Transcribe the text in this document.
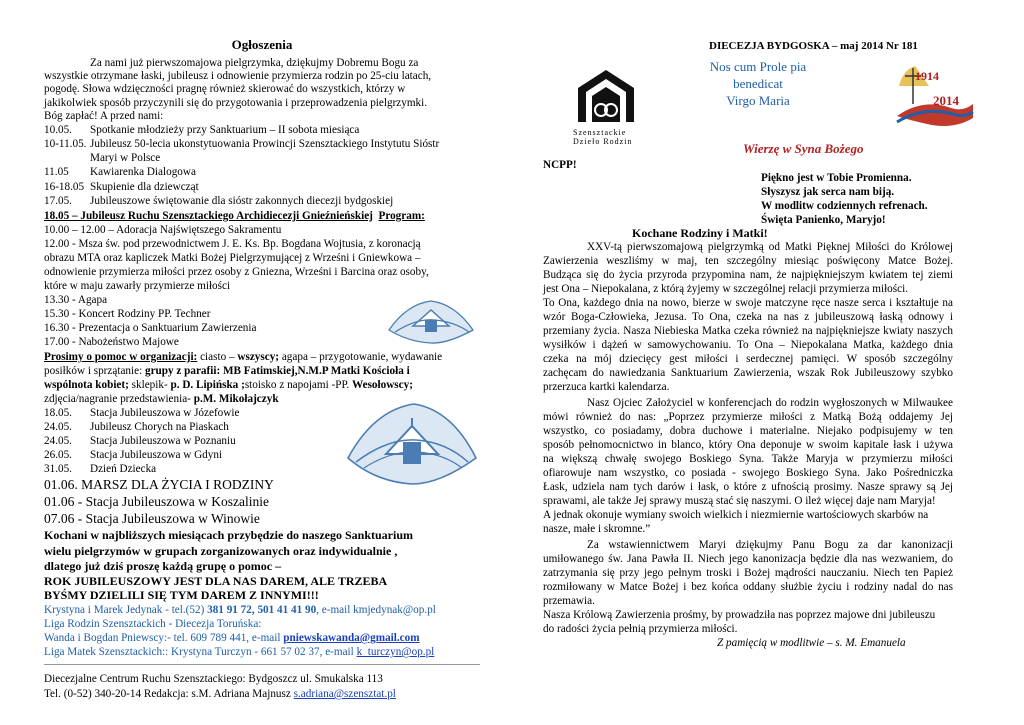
Ogłoszenia
Za nami już pierwszomajowa pielgrzymka, dziękujmy Dobremu Bogu za
wszystkie otrzymane łaski, jubileusz i odnowienie przymierza rodzin po 25-ciu latach,
pogodę. Słowa wdzięczności pragnę również skierować do wszystkich, którzy w
jakikolwiek sposób przyczynili się do przygotowania i przeprowadzenia pielgrzymki.
Bóg zapłać! A przed nami:
10.05. Spotkanie młodzieży przy Sanktuarium – II sobota miesiąca
10-11.05. Jubileusz 50-lecia ukonstytuowania Prowincji Szensztackiego Instytutu Sióstr
Maryi w Polsce
11.05 Kawiarenka Dialogowa
16-18.05 Skupienie dla dziewcząt
17.05. Jubileuszowe świętowanie dla sióstr zakonnych diecezji bydgoskiej
18.05 – Jubileusz Ruchu Szensztackiego Archidiecezji Gnieźnieńskiej Program:
10.00 – 12.00 – Adoracja Najświętszego Sakramentu
12.00 - Msza św. pod przewodnictwem J. E. Ks. Bp. Bogdana Wojtusia, z koronacją
obrazu MTA oraz kapliczek Matki Bożej Pielgrzymującej z Wrześni i Gniewkowa –
odnowienie przymierza miłości przez osoby z Gniezna, Wrześni i Barcina oraz osoby,
które w maju zawarły przymierze miłości
13.30 - Agapa
15.30 - Koncert Rodziny PP. Techner
16.30 - Prezentacja o Sanktuarium Zawierzenia
17.00 - Nabożeństwo Majowe
Prosimy o pomoc w organizacji: ciasto – wszyscy; agapa – przygotowanie, wydawanie
posiłków i sprzątanie: grupy z parafii: MB Fatimskiej,N.M.P Matki Kościoła i
wspólnota kobiet; sklepik- p. D. Lipińska ;stoisko z napojami -PP. Wesołowscy;
zdjęcia/nagranie przedstawienia- p.M. Mikołajczyk
18.05. Stacja Jubileuszowa w Józefowie
24.05. Jubileusz Chorych na Piaskach
24.05. Stacja Jubileuszowa w Poznaniu
26.05. Stacja Jubileuszowa w Gdyni
31.05. Dzień Dziecka
01.06. MARSZ DLA ŻYCIA I RODZINY
01.06 - Stacja Jubileuszowa w Koszalinie
07.06 - Stacja Jubileuszowa w Winowie
Kochani w najbliższych miesiącach przybędzie do naszego Sanktuarium
wielu pielgrzymów w grupach zorganizowanych oraz indywidualnie ,
dlatego już dziś proszę każdą grupę o pomoc –
ROK JUBILEUSZOWY JEST DLA NAS DAREM, ALE TRZEBA
BYŚMY DZIELILI SIĘ TYM DAREM Z INNYMI!!!
Krystyna i Marek Jedynak - tel.(52) 381 91 72, 501 41 41 90, e-mail kmjedynak@op.pl
Liga Rodzin Szensztackich - Diecezja Toruńska:
Wanda i Bogdan Pniewscy:- tel. 609 789 441, e-mail pniewskawanda@gmail.com
Liga Matek Szensztackich:: Krystyna Turczyn - 661 57 02 37, e-mail k_turczyn@op.pl
Diecezjalne Centrum Ruchu Szensztackiego: Bydgoszcz ul. Smukalska 113
Tel. (0-52) 340-20-14 Redakcja: s.M. Adriana Majnusz s.adriana@szensztat.pl
DIECEZJA BYDGOSKA – maj 2014 Nr 181
Szensztackie
Dzieło Rodzin
Nos cum Prole pia
benedicat
Virgo Maria
1914
2014
Wierzę w Syna Bożego
NCPP!
Piękno jest w Tobie Promienna.
Słyszysz jak serca nam biją.
W modlitw codziennych refrenach.
Święta Panienko, Maryjo!
Kochane Rodziny i Matki!
XXV-tą pierwszomajową pielgrzymką od Matki Pięknej Miłości do Królowej
Zawierzenia weszliśmy w maj, ten szczególny miesiąc poświęcony Matce Bożej.
Budząca się do życia przyroda przypomina nam, że najpiękniejszym kwiatem tej ziemi
jest Ona – Niepokalana, z którą żyjemy w szczególnej relacji przymierza miłości.
To Ona, każdego dnia na nowo, bierze w swoje matczyne ręce nasze serca i kształtuje na
wzór Boga-Człowieka, Jezusa. To Ona, czeka na nas z jubileuszową łaską odnowy i
przemiany życia. Nasza Niebieska Matka czeka również na najpiękniejsze kwiaty naszych
wysiłków i dążeń w samowychowaniu. To Ona – Niepokalana Matka, każdego dnia
czeka na mój dziecięcy gest miłości i serdecznej pamięci. W sposób szczególny
zachęcam do nawiedzania Sanktuarium Zawierzenia, wszak Rok Jubileuszowy szybko
przerzuca kartki kalendarza.
Nasz Ojciec Założyciel w konferencjach do rodzin wygłoszonych w Milwaukee
mówi również do nas: „Poprzez przymierze miłości z Matką Bożą oddajemy Jej
wszystko, co posiadamy, dobra duchowe i materialne. Niejako podpisujemy w ten
sposób pełnomocnictwo in blanco, który Ona deponuje w swoim kapitale łask i używa
na większą chwałę swojego Boskiego Syna. Także Maryja w przymierzu miłości
ofiarowuje nam wszystko, co posiada - swojego Boskiego Syna. Jako Pośredniczka
Łask, udziela nam tych darów i łask, o które z ufnością prosimy. Nasze sprawy są Jej
sprawami, ale także Jej sprawy muszą stać się naszymi. O ileż więcej daje nam Maryja!
A jednak okonuje wymiany swoich wielkich i niezmiernie wartościowych skarbów na
nasze, małe i skromne.”
Za wstawiennictwem Maryi dziękujmy Panu Bogu za dar kanonizacji
umiłowanego św. Jana Pawła II. Niech jego kanonizacja będzie dla nas wezwaniem, do
zatrzymania się przy jego pełnym troski i Bożej mądrości nauczaniu. Niech ten Papież
rozmiłowany w Matce Bożej i bez końca oddany służbie życiu i rodziny nadal do nas
przemawia.
Nasza Królową Zawierzenia prośmy, by prowadziła nas poprzez majowe dni jubileuszu
do radości życia pełnią przymierza miłości.
Z pamięcią w modlitwie – s. M. Emanuela
